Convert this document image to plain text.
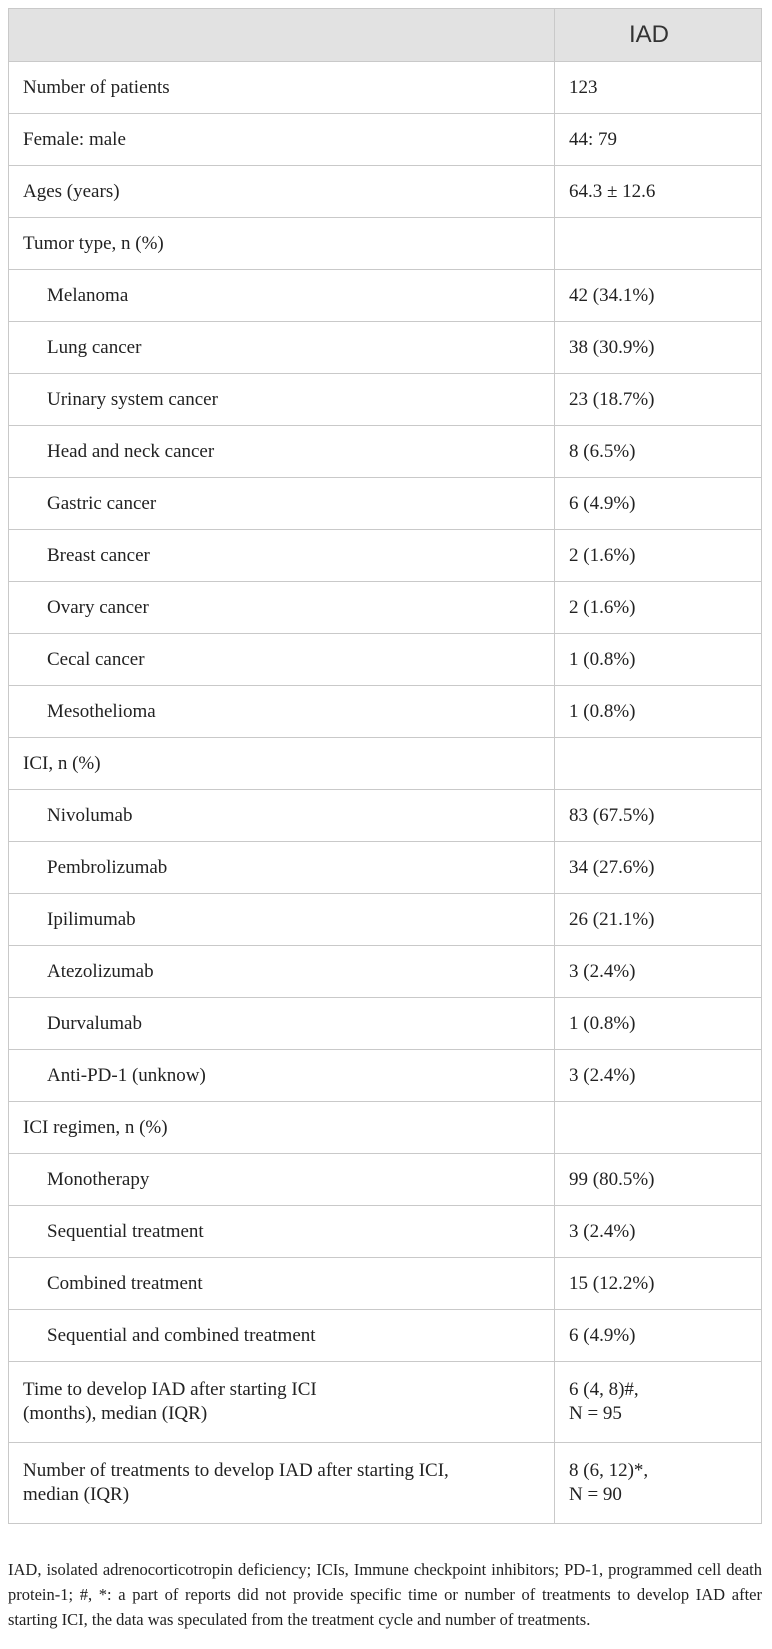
	IAD
Number of patients	123
Female: male	44: 79
Ages (years)	64.3 ± 12.6
Tumor type, n (%)	
Melanoma	42 (34.1%)
Lung cancer	38 (30.9%)
Urinary system cancer	23 (18.7%)
Head and neck cancer	8 (6.5%)
Gastric cancer	6 (4.9%)
Breast cancer	2 (1.6%)
Ovary cancer	2 (1.6%)
Cecal cancer	1 (0.8%)
Mesothelioma	1 (0.8%)
ICI, n (%)	
Nivolumab	83 (67.5%)
Pembrolizumab	34 (27.6%)
Ipilimumab	26 (21.1%)
Atezolizumab	3 (2.4%)
Durvalumab	1 (0.8%)
Anti-PD-1 (unknow)	3 (2.4%)
ICI regimen, n (%)	
Monotherapy	99 (80.5%)
Sequential treatment	3 (2.4%)
Combined treatment	15 (12.2%)
Sequential and combined treatment	6 (4.9%)
Time to develop IAD after starting ICI
(months), median (IQR)	6 (4, 8)#,
N = 95
Number of treatments to develop IAD after starting ICI,
median (IQR)	8 (6, 12)*,
N = 90

IAD, isolated adrenocorticotropin deficiency; ICIs, Immune checkpoint inhibitors; PD-1, programmed cell death protein-1; #, *: a part of reports did not provide specific time or number of treatments to develop IAD after starting ICI, the data was speculated from the treatment cycle and number of treatments.
